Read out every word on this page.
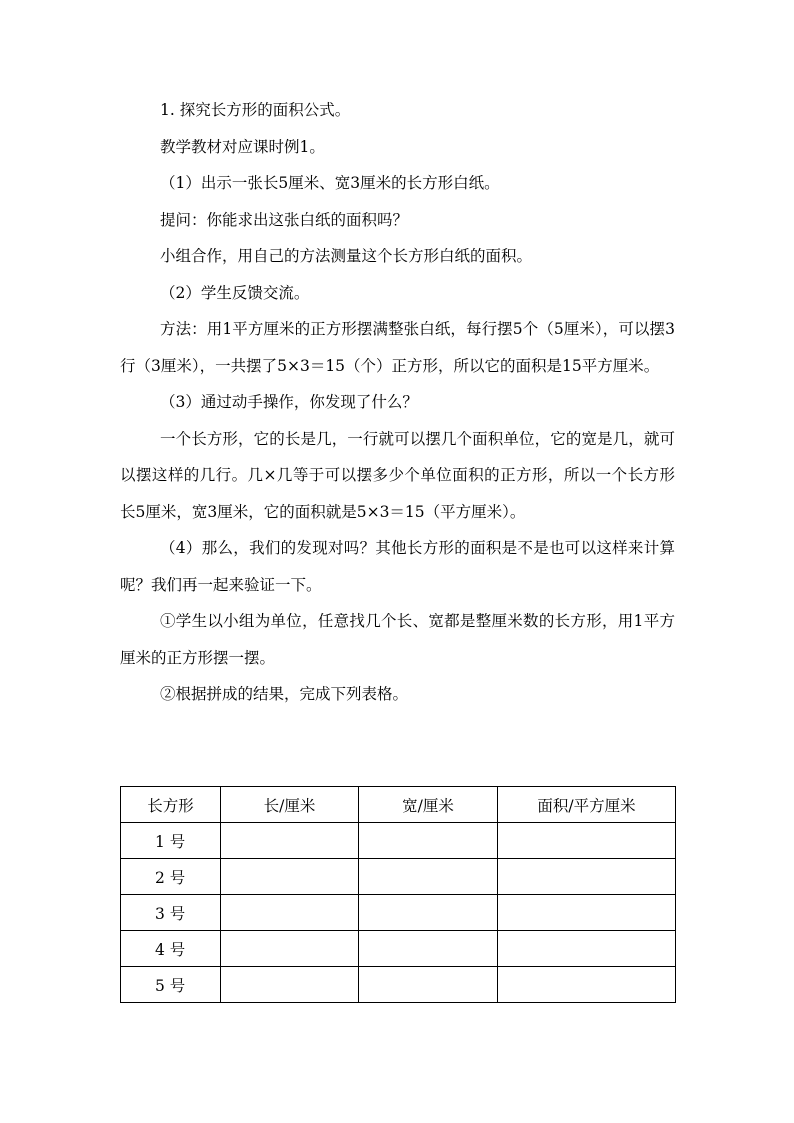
1. 探究长方形的面积公式。

教学教材对应课时例1。

（1）出示一张长5厘米、宽3厘米的长方形白纸。

提问：你能求出这张白纸的面积吗？

小组合作，用自己的方法测量这个长方形白纸的面积。

（2）学生反馈交流。

方法：用1平方厘米的正方形摆满整张白纸，每行摆5个（5厘米），可以摆3行（3厘米），一共摆了5×3＝15（个）正方形，所以它的面积是15平方厘米。

（3）通过动手操作，你发现了什么？

一个长方形，它的长是几，一行就可以摆几个面积单位，它的宽是几，就可以摆这样的几行。几×几等于可以摆多少个单位面积的正方形，所以一个长方形长5厘米，宽3厘米，它的面积就是5×3＝15（平方厘米）。

（4）那么，我们的发现对吗？其他长方形的面积是不是也可以这样来计算呢？我们再一起来验证一下。

①学生以小组为单位，任意找几个长、宽都是整厘米数的长方形，用1平方厘米的正方形摆一摆。

②根据拼成的结果，完成下列表格。

长方形	长/厘米	宽/厘米	面积/平方厘米
1 号			
2 号			
3 号			
4 号			
5 号			
